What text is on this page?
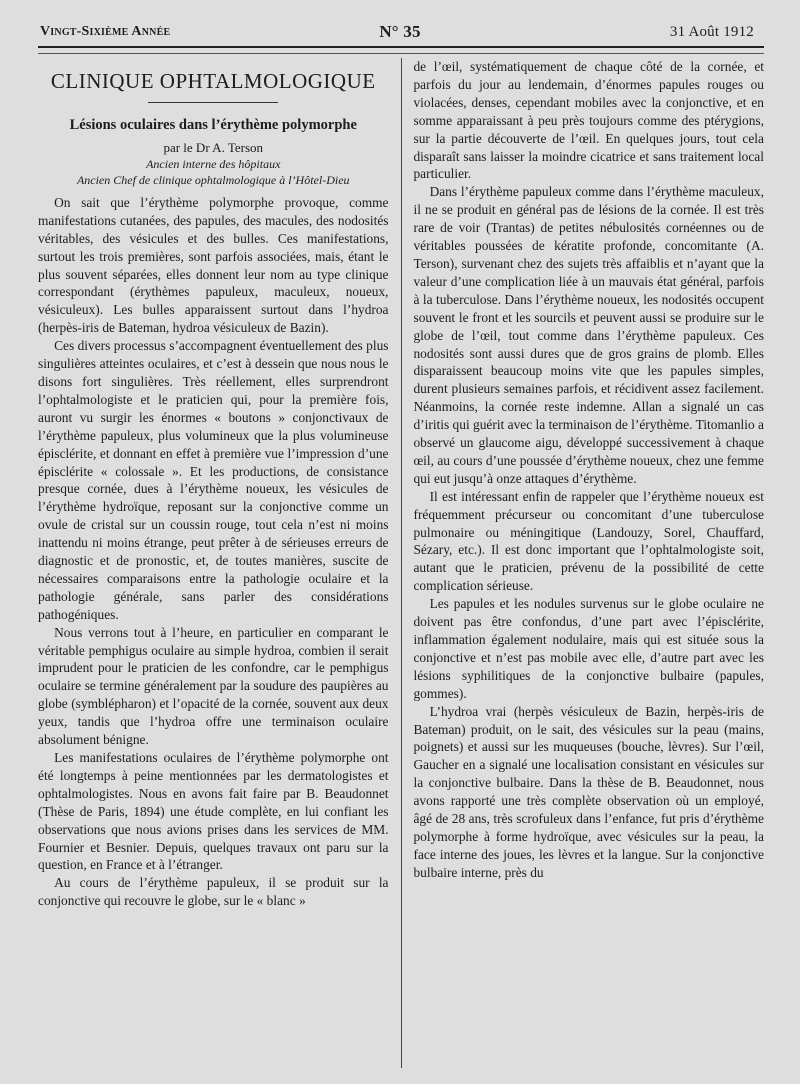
Vingt-Sixième Année	N° 35	31 Août 1912
CLINIQUE OPHTALMOLOGIQUE
Lésions oculaires dans l’érythème polymorphe
par le Dr A. Terson
Ancien interne des hôpitaux
Ancien Chef de clinique ophtalmologique à l’Hôtel-Dieu

On sait que l’érythème polymorphe provoque, comme manifestations cutanées, des papules, des macules, des nodosités véritables, des vésicules et des bulles. Ces manifestations, surtout les trois premières, sont parfois associées, mais, étant le plus souvent séparées, elles donnent leur nom au type clinique correspondant (érythèmes papuleux, maculeux, noueux, vésiculeux). Les bulles apparaissent surtout dans l’hydroa (herpès-iris de Bateman, hydroa vésiculeux de Bazin).

Ces divers processus s’accompagnent éventuellement des plus singulières atteintes oculaires, et c’est à dessein que nous nous le disons fort singulières. Très réellement, elles surprendront l’ophtalmologiste et le praticien qui, pour la première fois, auront vu surgir les énormes « boutons » conjonctivaux de l’érythème papuleux, plus volumineux que la plus volumineuse épisclérite, et donnant en effet à première vue l’impression d’une épisclérite « colossale ». Et les productions, de consistance presque cornée, dues à l’érythème noueux, les vésicules de l’érythème hydroïque, reposant sur la conjonctive comme un ovule de cristal sur un coussin rouge, tout cela n’est ni moins inattendu ni moins étrange, peut prêter à de sérieuses erreurs de diagnostic et de pronostic, et, de toutes manières, suscite de nécessaires comparaisons entre la pathologie oculaire et la pathologie générale, sans parler des considérations pathogéniques.

Nous verrons tout à l’heure, en particulier en comparant le véritable pemphigus oculaire au simple hydroa, combien il serait imprudent pour le praticien de les confondre, car le pemphigus oculaire se termine généralement par la soudure des paupières au globe (symblépharon) et l’opacité de la cornée, souvent aux deux yeux, tandis que l’hydroa offre une terminaison oculaire absolument bénigne.

Les manifestations oculaires de l’érythème polymorphe ont été longtemps à peine mentionnées par les dermatologistes et ophtalmologistes. Nous en avons fait faire par B. Beaudonnet (Thèse de Paris, 1894) une étude complète, en lui confiant les observations que nous avions prises dans les services de MM. Fournier et Besnier. Depuis, quelques travaux ont paru sur la question, en France et à l’étranger.

Au cours de l’érythème papuleux, il se produit sur la conjonctive qui recouvre le globe, sur le « blanc »

de l’œil, systématiquement de chaque côté de la cornée, et parfois du jour au lendemain, d’énormes papules rouges ou violacées, denses, cependant mobiles avec la conjonctive, et en somme apparaissant à peu près toujours comme des ptérygions, sur la partie découverte de l’œil. En quelques jours, tout cela disparaît sans laisser la moindre cicatrice et sans traitement local particulier.

Dans l’érythème papuleux comme dans l’érythème maculeux, il ne se produit en général pas de lésions de la cornée. Il est très rare de voir (Trantas) de petites nébulosités cornéennes ou de véritables poussées de kératite profonde, concomitante (A. Terson), survenant chez des sujets très affaiblis et n’ayant que la valeur d’une complication liée à un mauvais état général, parfois à la tuberculose. Dans l’érythème noueux, les nodosités occupent souvent le front et les sourcils et peuvent aussi se produire sur le globe de l’œil, tout comme dans l’érythème papuleux. Ces nodosités sont aussi dures que de gros grains de plomb. Elles disparaissent beaucoup moins vite que les papules simples, durent plusieurs semaines parfois, et récidivent assez facilement. Néanmoins, la cornée reste indemne. Allan a signalé un cas d’iritis qui guérit avec la terminaison de l’érythème. Titomanlio a observé un glaucome aigu, développé successivement à chaque œil, au cours d’une poussée d’érythème noueux, chez une femme qui eut jusqu’à onze attaques d’érythème.

Il est intéressant enfin de rappeler que l’érythème noueux est fréquemment précurseur ou concomitant d’une tuberculose pulmonaire ou méningitique (Landouzy, Sorel, Chauffard, Sézary, etc.). Il est donc important que l’ophtalmologiste soit, autant que le praticien, prévenu de la possibilité de cette complication sérieuse.

Les papules et les nodules survenus sur le globe oculaire ne doivent pas être confondus, d’une part avec l’épisclérite, inflammation également nodulaire, mais qui est située sous la conjonctive et n’est pas mobile avec elle, d’autre part avec les lésions syphilitiques de la conjonctive bulbaire (papules, gommes).

L’hydroa vrai (herpès vésiculeux de Bazin, herpès-iris de Bateman) produit, on le sait, des vésicules sur la peau (mains, poignets) et aussi sur les muqueuses (bouche, lèvres). Sur l’œil, Gaucher en a signalé une localisation consistant en vésicules sur la conjonctive bulbaire. Dans la thèse de B. Beaudonnet, nous avons rapporté une très complète observation où un employé, âgé de 28 ans, très scrofuleux dans l’enfance, fut pris d’érythème polymorphe à forme hydroïque, avec vésicules sur la peau, la face interne des joues, les lèvres et la langue. Sur la conjonctive bulbaire interne, près du
